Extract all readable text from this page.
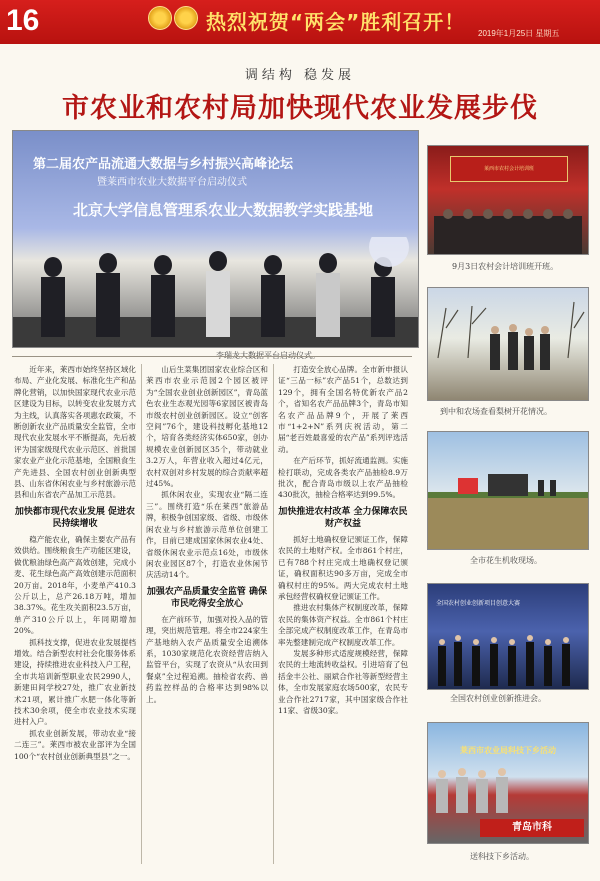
16	热烈祝贺“两会”胜利召开！ 2019年1月25日 星期五
调结构 稳发展
市农业和农村局加快现代农业发展步伐
第二届农产品流通大数据与乡村振兴高峰论坛
暨莱西市农业大数据平台启动仪式
北京大学信息管理系农业大数据教学实践基地
莱西市农村会计培训班
9月3日农村会计培训班开班。
到中和农场查看梨树开花情况。
全市花生机收现场。
全国农村创业创新项目创意大赛
全国农村创业创新推进会。
莱西市农业局科技下乡活动
青岛市科
送科技下乡活动。

近年来，莱西市始终坚持区域化布局、产业化发展、标准化生产和品牌化营销，以加快国家现代农业示范区建设为目标，以转变农业发展方式为主线，认真落实各项惠农政策，不断创新农业产品质量安全监管，全市现代农业发展水平不断提高，先后被评为国家级现代农业示范区、首批国家农业产业化示范基地，全国粮食生产先进县、全国农村创业创新典型县、山东省休闲农业与乡村旅游示范县和山东省农产品加工示范县。

加快都市现代农业发展 促进农民持续增收

稳产能农业，确保主要农产品有效供给。围绕粮食生产功能区建设，做优粮油绿色高产高效创建，完成小麦、花生绿色高产高效创建示范面积20万亩。2018年，小麦单产410.3公斤以上，总产26.18万吨，增加38.37%。花生攻关面积23.5万亩，单产310公斤以上，年同期增加20%。

抓科技支撑，促进农业发展提档增效。结合新型农村社会化服务体系建设，持续推进农业科技入户工程，全市共培训新型职业农民2990人，新建田间学校27处，推广农业新技术21项，累计推广水肥一体化等新技术30余项，使全市农业技术实现进村入户。

抓农业创新发展，带动农业“接二连三”。莱西市被农业部评为全国100个“农村创业创新典型县”之一。

山后生菜集团国家农业综合区和莱西市农业示范园2个园区被评为“全国农业创业创新园区”，青岛蓝色农业生态观光园等6家园区被青岛市级农村创业创新园区。设立“创客空间”76个，建设科技孵化基地12个，培育各类经济实体650家，创办规模农业创新园区35个，带动就业3.2万人，年营业收入超过4亿元，农村双创对乡村发展的综合贡献率超过45%。

抓休闲农业，实现农业“隔二连三”。围绕打造“乐在莱西”旅游品牌，积极争创国家级、省级、市级休闲农业与乡村旅游示范单位创建工作，目前已建成国家休闲农业4处、省级休闲农业示范点16处，市级休闲农业园区87个，打造农业休闲节庆活动14个。

加强农产品质量安全监管 确保市民吃得安全放心

在产前环节，加强对投入品的管理，突出规范管理。将全市224家生产基地纳入农产品质量安全追溯体系，1030家规范化农资经营店纳入监管平台，实现了农资从“从农田到餐桌”全过程追溯。抽检省农药、兽药监控样品的合格率达到98%以上。

打造安全放心品牌。全市新申报认证“三品一标”农产品51个，总数达到129个，拥有全国名特优新农产品2个，省知名农产品品牌3个，青岛市知名农产品品牌9个，开展了莱西市“1+2+N”系列庆祝活动，第二届“老百姓最喜爱的农产品”系列评选活动。

在产后环节，抓好流通监测。实施检打联动，完成各类农产品抽检8.9万批次，配合青岛市级以上农产品抽检430批次，抽检合格率达到99.5%。

加快推进农村改革 全力保障农民财产权益

抓好土地确权登记颁证工作，保障农民的土地财产权。全市861个村庄，已有788个村庄完成土地确权登记颁证，确权面积达90多万亩，完成全市确权村庄的95%。两大完成农村土地承包经营权确权登记颁证工作。

推进农村集体产权制度改革，保障农民的集体资产权益。全市861个村庄全部完成产权制度改革工作，在青岛市率先整建制完成产权制度改革工作。

发展多种形式适度规模经营，保障农民的土地流转收益权。引进培育了包括金丰公社、丽斌合作社等新型经营主体，全市发展家庭农场500家，农民专业合作社2717家，其中国家级合作社11家、省级30家。
